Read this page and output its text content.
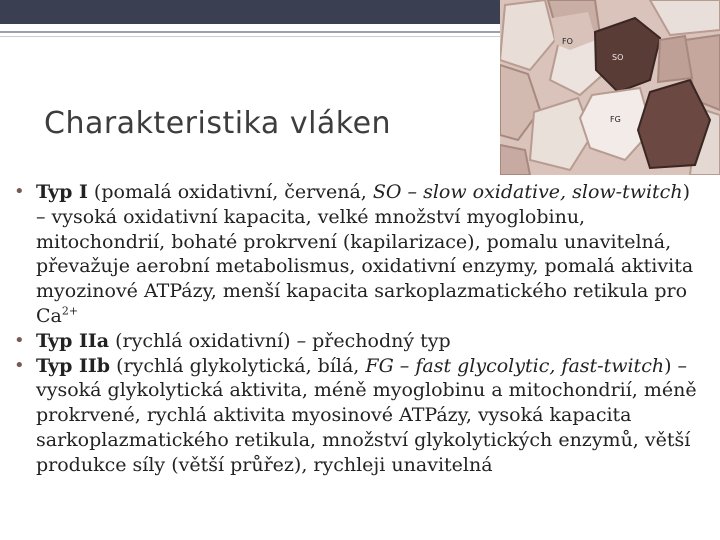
FO
SO
FG
Charakteristika vláken

• Typ I (pomalá oxidativní, červená, SO – slow oxidative, slow-twitch) – vysoká oxidativní kapacita, velké množství myoglobinu, mitochondrií, bohaté prokrvení (kapilarizace), pomalu unavitelná, převažuje aerobní metabolismus, oxidativní enzymy, pomalá aktivita myozinové ATPázy, menší kapacita sarkoplazmatického retikula pro $Ca^{2+}$

• Typ IIa (rychlá oxidativní) – přechodný typ

• Typ IIb (rychlá glykolytická, bílá, FG – fast glycolytic, fast-twitch) – vysoká glykolytická aktivita, méně myoglobinu a mitochondrií, méně prokrvené, rychlá aktivita myosinové ATPázy, vysoká kapacita sarkoplazmatického retikula, množství glykolytických enzymů, větší produkce síly (větší průřez), rychleji unavitelná
